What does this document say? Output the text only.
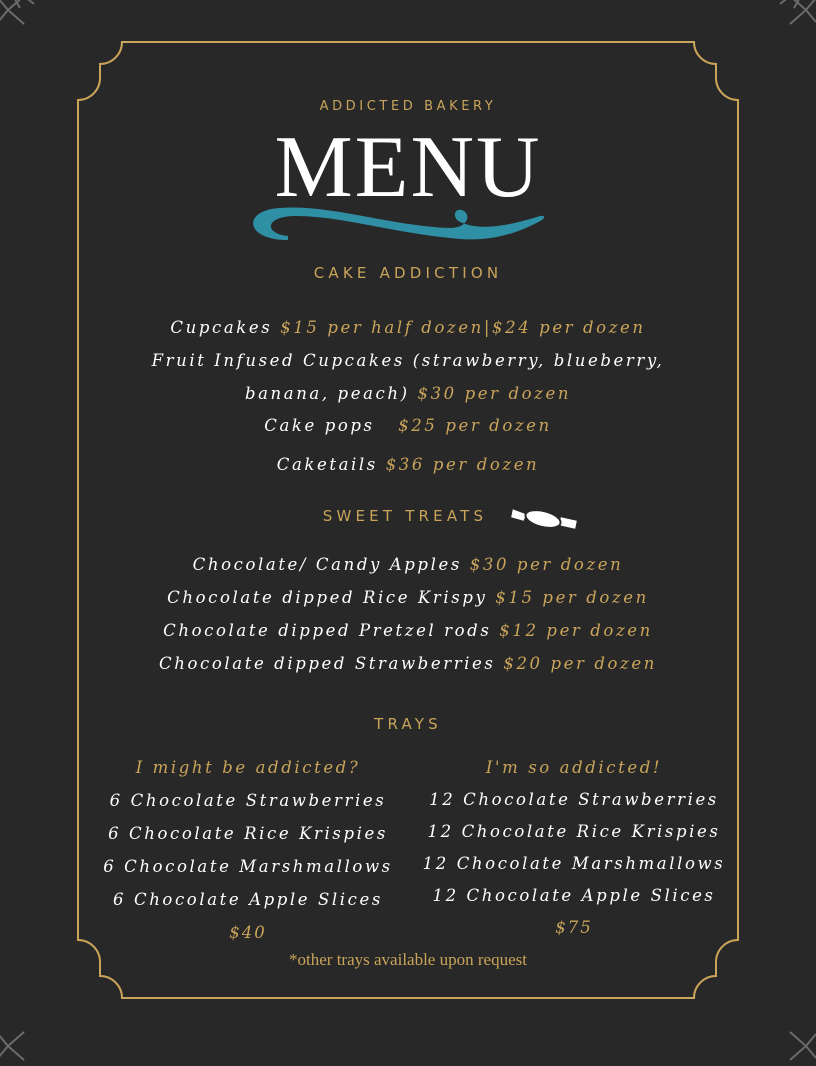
ADDICTED BAKERY
MENU
CAKE ADDICTION
Cupcakes $15 per half dozen|$24 per dozen
Fruit Infused Cupcakes (strawberry, blueberry,
banana, peach) $30 per dozen
Cake pops $25 per dozen
Caketails $36 per dozen
SWEET TREATS
Chocolate/ Candy Apples $30 per dozen
Chocolate dipped Rice Krispy $15 per dozen
Chocolate dipped Pretzel rods $12 per dozen
Chocolate dipped Strawberries $20 per dozen
TRAYS
I might be addicted?
6 Chocolate Strawberries
6 Chocolate Rice Krispies
6 Chocolate Marshmallows
6 Chocolate Apple Slices
$40
I'm so addicted!
12 Chocolate Strawberries
12 Chocolate Rice Krispies
12 Chocolate Marshmallows
12 Chocolate Apple Slices
$75
*other trays available upon request
